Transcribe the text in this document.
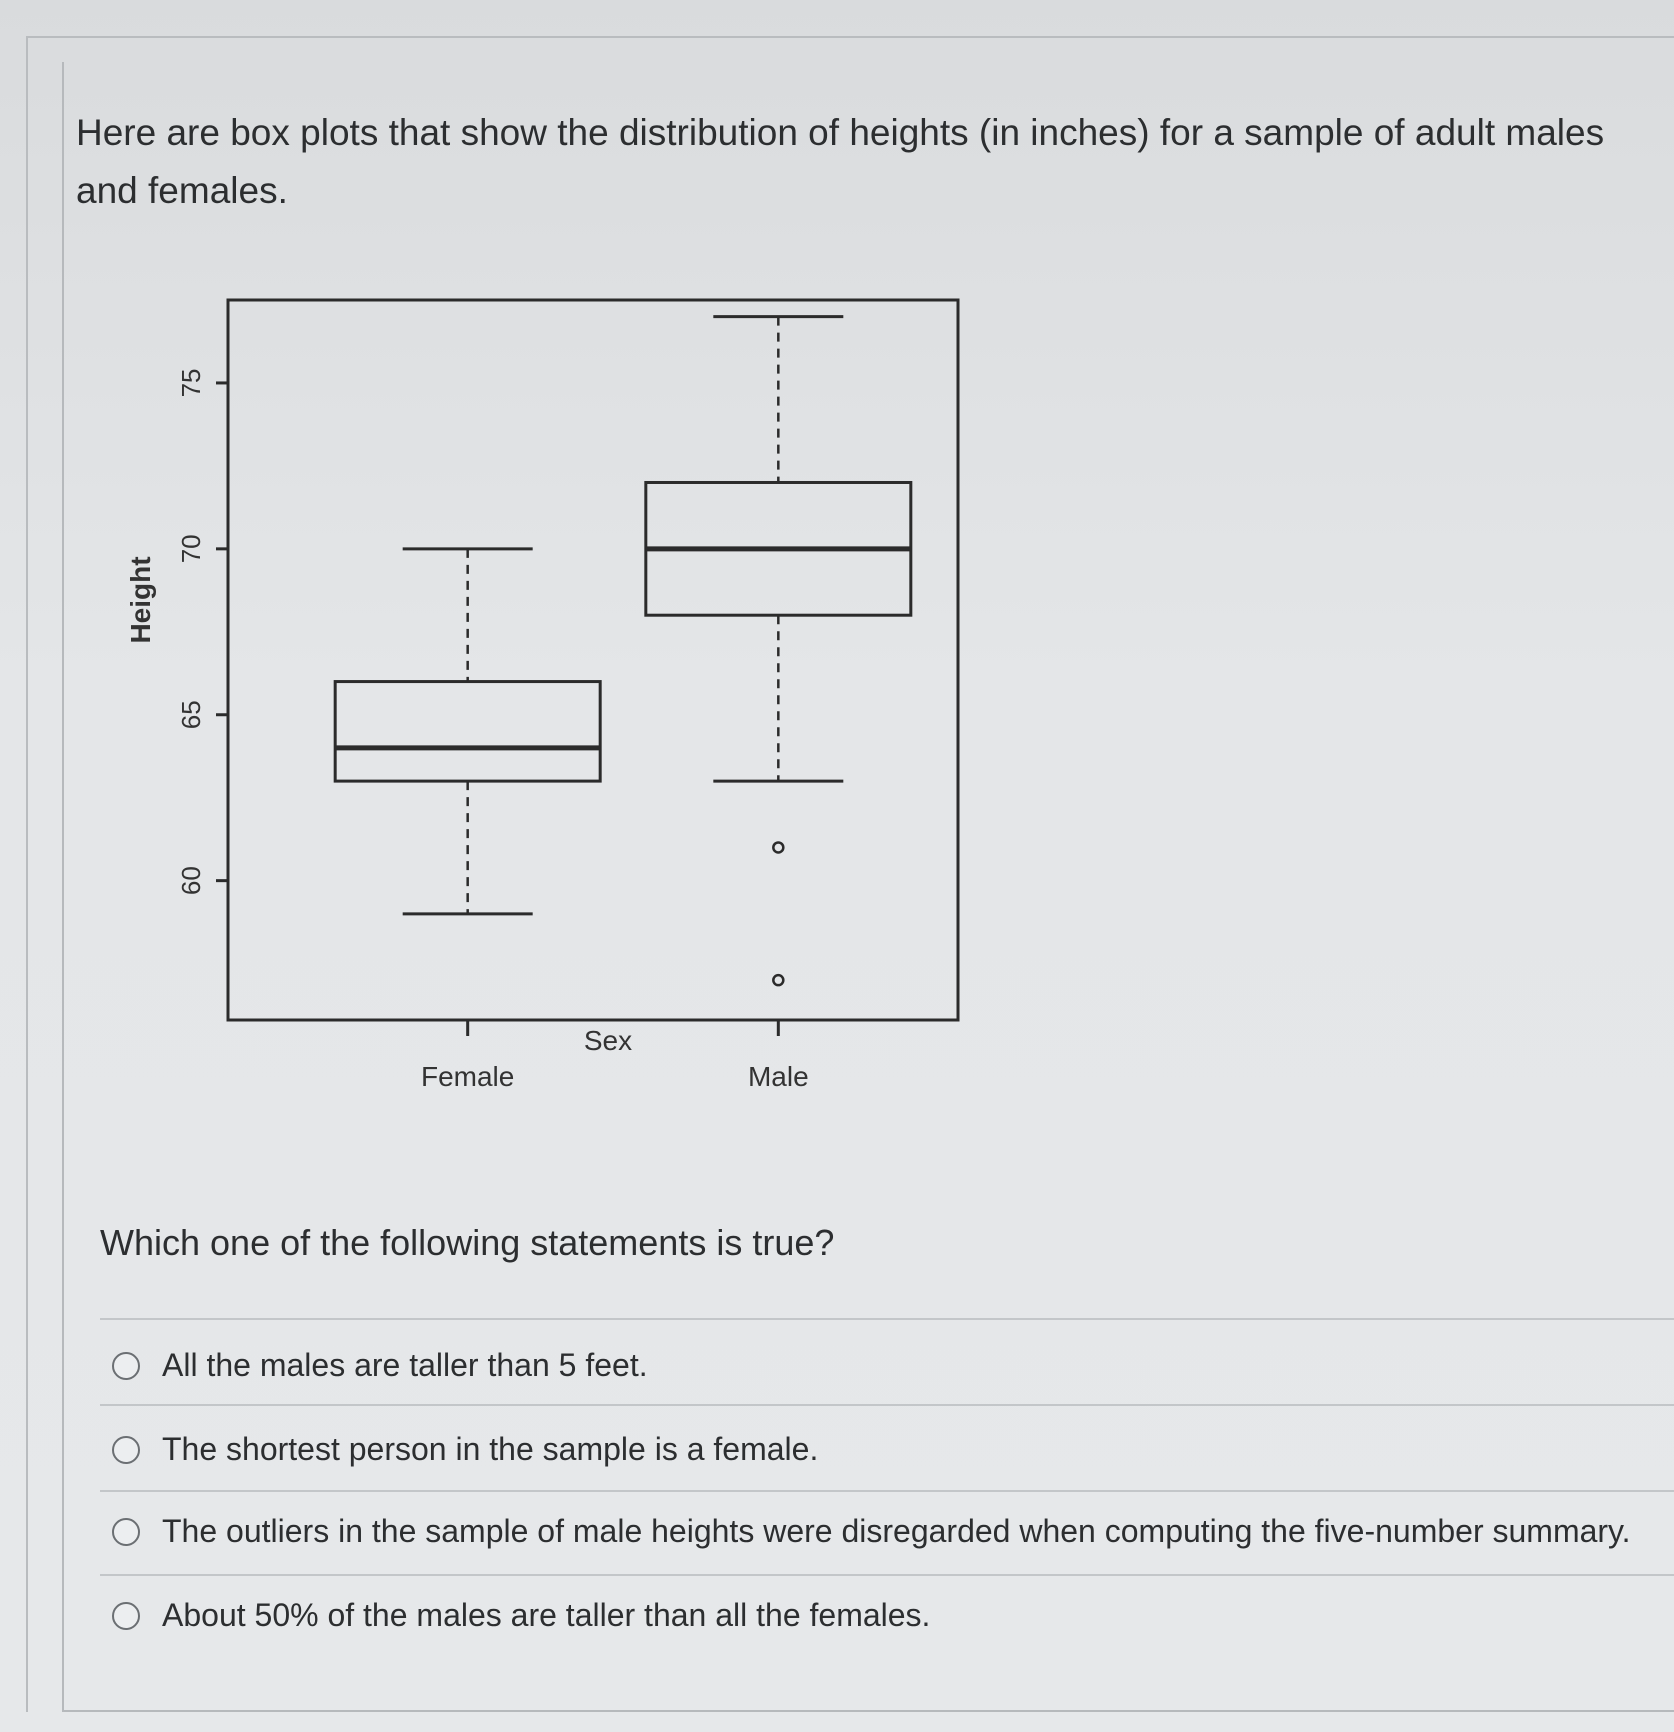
Here are box plots that show the distribution of heights (in inches) for a sample of adult males and females.
60
65
70
75
Female	Male
Height
Sex
Which one of the following statements is true?
All the males are taller than 5 feet.
The shortest person in the sample is a female.
The outliers in the sample of male heights were disregarded when computing the five-number summary.
About 50% of the males are taller than all the females.
